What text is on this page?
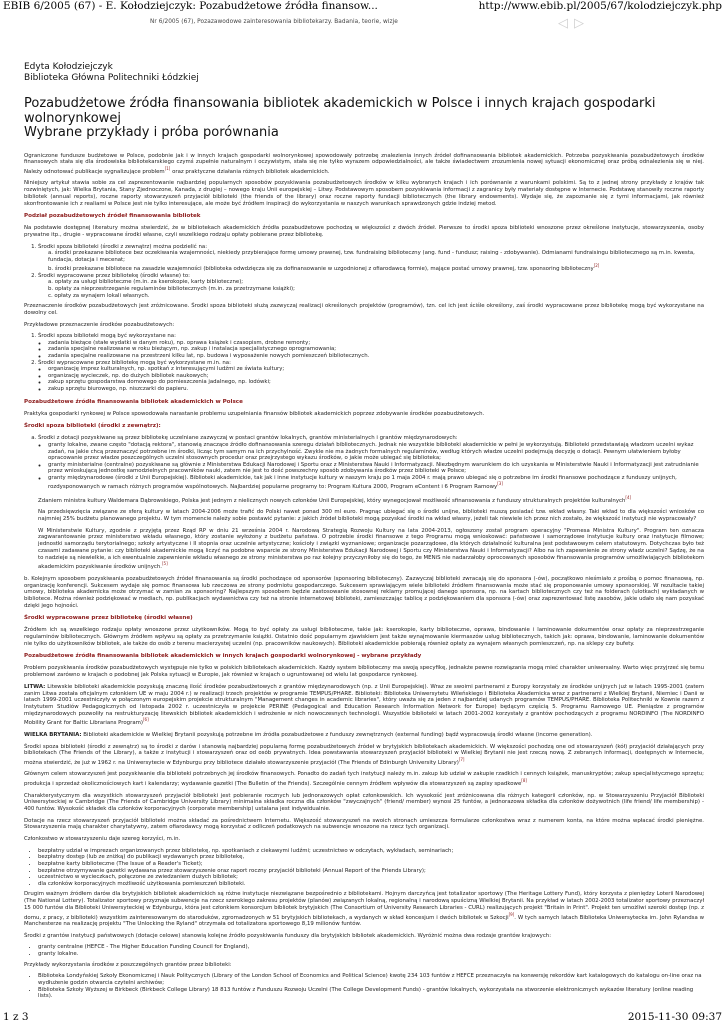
EBIB 6/2005 (67) - E. Kołodziejczyk: Pozabudżetowe źródła finansow...	http://www.ebib.pl/2005/67/kolodziejczyk.php
Nr 6/2005 (67), Pozazawodowe zainteresowania bibliotekarzy. Badania, teorie, wizje	◁ ▷
Edyta Kołodziejczyk
Biblioteka Główna Politechniki Łódzkiej
Pozabudżetowe źródła finansowania bibliotek akademickich w Polsce i innych krajach gospodarki wolnorynkowej
Wybrane przykłady i próba porównania

Ograniczone fundusze budżetowe w Polsce, podobnie jak i w innych krajach gospodarki wolnorynkowej spowodowały potrzebę znalezienia innych źródeł dofinansowania bibliotek akademickich. Potrzeba pozyskiwania pozabudżetowych środków finansowych stała się dla środowiska bibliotekarskiego czymś zupełnie naturalnym i oczywistym, stała się nie tylko wyrazem odpowiedzialności, ale także świadectwem zrozumienia nowej sytuacji ekonomicznej oraz próbą odnalezienia się w niej. Należy odnotować publikacje sygnalizujące problem[1] oraz praktyczne działania różnych bibliotek akademickich.

Niniejszy artykuł stawia sobie za cel zaprezentowanie najbardziej popularnych sposobów pozyskiwania pozabudżetowych środków w kilku wybranych krajach i ich porównanie z warunkami polskimi. Są to z jednej strony przykłady z krajów tak rozwiniętych, jak: Wielka Brytania, Stany Zjednoczone, Kanada, z drugiej – nowego kraju Unii europejskiej – Litwy. Podstawowym sposobem pozyskiwania informacji z zagranicy były materiały dostępne w Internecie. Podstawę stanowiły roczne raporty bibliotek (annual reports), roczne raporty stowarzyszeń przyjaciół biblioteki (the friends of the library) oraz roczne raporty fundacji bibliotecznych (the library endowments). Wydaje się, że zapoznanie się z tymi informacjami, jak również skonfrontowanie ich z realiami w Polsce jest nie tylko interesujące, ale może być źródłem inspiracji do wykorzystania w naszych warunkach sprawdzonych gdzie indziej metod.

Podział pozabudżetowych źródeł finansowania bibliotek

Na podstawie dostępnej literatury można stwierdzić, że w bibliotekach akademickich źródła pozabudżetowe pochodzą w większości z dwóch źródeł. Pierwsze to środki spoza biblioteki wnoszone przez określone instytucje, stowarzyszenia, osoby prywatne itp., drugie - wypracowane środki własne, czyli wszelkiego rodzaju opłaty pobierane przez bibliotekę.

1. Środki spoza biblioteki (środki z zewnątrz) można podzielić na:
a. środki przekazane bibliotece bez oczekiwania wzajemności, niekiedy przybierające formę umowy prawnej, tzw. fundraising biblioteczny (ang. fund - fundusz; raising - zdobywanie). Odmianami fundraisingu bibliotecznego są m.in. kwesta, fundacja, dotacja i mecenat;
b. środki przekazane bibliotece na zasadzie wzajemności (biblioteka odwdzięcza się za dofinansowanie w uzgodnionej z ofiarodawcą formie), mające postać umowy prawnej, tzw. sponsoring biblioteczny[2]
2. Środki wypracowane przez bibliotekę (środki własne) to:
a. opłaty za usługi biblioteczne (m.in. za kserokopie, karty biblioteczne);
b. opłaty za nieprzestrzeganie regulaminów bibliotecznych (m.in. za przetrzymane książki);
c. opłaty za wynajem lokali własnych.

Przeznaczenie środków pozabudżetowych jest zróżnicowane. Środki spoza biblioteki służą zazwyczaj realizacji określonych projektów (programów), tzn. cel ich jest ściśle określony, zaś środki wypracowane przez bibliotekę mogą być wykorzystane na dowolny cel.

Przykładowe przeznaczenie środków pozabudżetowych:

1. Środki spoza biblioteki mogą być wykorzystane na:
◦ zadania bieżące (stałe wydatki w danym roku), np. oprawa książek i czasopism, drobne remonty;
◦ zadania specjalne realizowane w roku bieżącym, np. zakup i instalacja specjalistycznego oprogramowania;
◦ zadania specjalne realizowane na przestrzeni kilku lat, np. budowa i wyposażenie nowych pomieszczeń bibliotecznych.
2. Środki wypracowane przez bibliotekę mogą być wykorzystane m.in. na:
◦ organizację imprez kulturalnych, np. spotkań z interesującymi ludźmi ze świata kultury;
◦ organizację wycieczek, np. do dużych bibliotek naukowych;
◦ zakup sprzętu gospodarstwa domowego do pomieszczenia jadalnego, np. lodówki;
◦ zakup sprzętu biurowego, np. niszczarki do papieru.
Pozabudżetowe źródła finansowania bibliotek akademickich w Polsce

Praktyka gospodarki rynkowej w Polsce spowodowała narastanie problemu uzupełniania finansów bibliotek akademickich poprzez zdobywanie środków pozabudżetowych.

Środki spoza biblioteki (środki z zewnątrz):
a. Środki z dotacji pozyskiwane są przez bibliotekę uczelniane zazwyczaj w postaci grantów lokalnych, grantów ministerialnych i grantów międzynarodowych:
◦ granty lokalne, zwane często "dotacją rektora", stanowią znaczące źródło dofinansowania szeregu działań bibliotecznych. Jednak nie wszystkie biblioteki akademickie w pełni je wykorzystują. Biblioteki przedstawiają władzom uczelni wykaz zadań, na jakie chcą przeznaczyć potrzebne im środki, licząc tym samym na ich przychylność. Zwykle nie ma żadnych formalnych regulaminów, według których władze uczelni podejmują decyzję o dotacji. Pewnym ułatwieniem byłoby opracowanie przez władze poszczególnych uczelni stosownych procedur oraz przejrzystego wykazu środków, o jakie może ubiegać się biblioteka;
◦ granty ministerialne (centralne) pozyskiwane są głównie z Ministerstwa Edukacji Narodowej i Sportu oraz z Ministerstwa Nauki i Informatyzacji. Niezbędnym warunkiem do ich uzyskania w Ministerstwie Nauki i Informatyzacji jest zatrudnianie przez wnioskującą jednostkę samodzielnych pracowników nauki, zatem nie jest to dość powszechny sposób zdobywania środków przez biblioteki w Polsce;
◦ granty międzynarodowe (środki z Unii Europejskiej). Biblioteki akademickie, tak jak i inne instytucje kultury w naszym kraju po 1 maja 2004 r. mają prawo ubiegać się o potrzebne im środki finansowe pochodzące z funduszy unijnych, rozdysponowanych w ramach różnych programów wspólnotowych. Najbardziej popularne programy to: Program Kultura 2000, Program eContent i 6 Program Ramowy[3]

Zdaniem ministra kultury Waldemara Dąbrowskiego, Polska jest jednym z nielicznych nowych członków Unii Europejskiej, który wynegocjował możliwość sfinansowania z funduszy strukturalnych projektów kulturalnych[4]

Na przedsięwzięcia związane ze sferą kultury w latach 2004-2006 może trafić do Polski nawet ponad 300 ml euro. Pragnąc ubiegać się o środki unijne, biblioteki muszą posiadać tzw. wkład własny. Taki wkład to dla większości wniosków co najmniej 25% budżetu planowanego projektu. W tym momencie należy sobie postawić pytanie: z jakich źródeł biblioteki mogą pozyskać środki na wkład własny, jeżeli tak niewiele ich przez nich zostało, że większość instytucji nie wypracowały?

W Ministerstwie Kultury, zgodnie z przyjętą przez Rząd RP w dniu 21 września 2004 r. Narodową Strategią Rozwoju Kultury na lata 2004-2013, ogłoszony został program operacyjny "Promesa Ministra Kultury". Program ten oznacza zagwarantowanie przez ministerstwo wkładu własnego, który zostanie wyłożony z budżetu państwa. O potrzebie środki finansowe z tego Programu mogą wnioskować: państwowe i samorządowe instytucje kultury oraz instytucje filmowe; jednostki samorządu terytorialnego; szkoły artystyczne i II stopnia oraz uczelnie artystyczne; kościoły i związki wyznaniowe; organizacje pozarządowe, dla których działalność kulturalna jest podstawowym celem statutowym. Dotychczas było też czasami zadawane pytanie: czy biblioteki akademickie mogą liczyć na podobne wsparcie ze strony Ministerstwa Edukacji Narodowej i Sportu czy Ministerstwa Nauki i Informatyzacji? Albo na ich zapewnienie ze strony władz uczelni? Sądzę, że na to nadzieje są niewielkie, a ich ewentualnie zapewnienie wkładu własnego ze strony ministerstwa po raz kolejny przyczyniłoby się do tego, że MENiS nie nadarzałoby oprocowanych sposobów finansowania programów umożliwiających bibliotekom akademickim pozyskiwanie środków unijnych.[5]

b. Kolejnym sposobem pozyskiwania pozabudżetowych źródeł finansowania są środki pochodzące od sponsorów (sponsoring biblioteczny). Zazwyczaj biblioteki zwracają się do sponsora (-ów), początkowo nieśmiało z prośbą o pomoc finansową, np. organizację konferencji. Sukcesem wydaje się pomoc finansowa lub rzeczowa ze strony podmiotu gospodarczego. Sukcesem sprawiającym wiele biblioteki źródłem finansowania może stać się proponowanie umowy sponsorskiej. W rezultacie takiej umowy, biblioteka akademicka może otrzymać w zamian za sponsoring? Najlepszym sposobem będzie zastosowanie stosownej reklamy promującej danego sponsora, np. na kartach bibliotecznych czy też na folderach (ulotkach) wykładanych w bibliotece. Można również podziękować w mediach, np. publikacjach wydawnictwa czy też na stronie internetowej biblioteki, zamieszczając tablicę z podziękowaniem dla sponsora (-ów) oraz zaprezentować listę zasobów, jakie udało się nam pozyskać dzięki jego hojności.

Środki wypracowane przez bibliotekę (środki własne)

Źródłem ich są wszelkiego rodzaju opłaty wnoszone przez użytkowników. Mogą to być opłaty za usługi biblioteczne, takie jak: kserokopie, karty biblioteczne, oprawa, bindowanie i laminowanie dokumentów oraz opłaty za nieprzestrzeganie regulaminów bibliotecznych. Głównym źródłem wpływu są opłaty za przetrzymanie książki. Ostatnio dość popularnym zjawiskiem jest także wynajmowanie kiermaszów usług bibliotecznych, takich jak: oprawa, bindowanie, laminowanie dokumentów nie tylko do użytkowników bibliotek, ale także do osób z terenu macierzystej uczelni (np. pracowników naukowych). Biblioteki akademickie pobierają również opłaty za wynajem własnych pomieszczeń, np. na sklepy czy bufety.

Pozabudżetowe źródła finansowania bibliotek akademickich w innych krajach gospodarki wolnorynkowej - wybrane przykłady

Problem pozyskiwania środków pozabudżetowych występuje nie tylko w polskich bibliotekach akademickich. Każdy system biblioteczny ma swoją specyfikę, jednakże pewne rozwiązania mogą mieć charakter uniwersalny. Warto więc przyjrzeć się temu problemowi zarówno w krajach o podobnej jak Polska sytuacji w Europie, jak również w krajach o ugruntowanej od wielu lat gospodarce rynkowej.

LITWA: Litewskie biblioteki akademickie pozyskują znaczną ilość środków pozabudżetowych z grantów międzynarodowych (np. z Unii Europejskiej). Wraz ze swoimi partnerami z Europy korzystały ze środków unijnych już w latach 1995-2001 (zatem zanim Litwa została oficjalnym członkiem UE w maju 2004 r.) w realizacji trzech projektów w programie TEMPUS/PHARE. Biblioteki: Biblioteka Uniwersytetu Wileńskiego i Biblioteka Akademicka wraz z partnerami z Wielkiej Brytanii, Niemiec i Danii w latach 1999-2001 uczestniczyły w połączonym europejskim projekcie strukturalnym "Management changes in academic libraries", który uważa się za jeden z najbardziej udanych programów TEMPUS/PHARE. Biblioteka Politechniki w Kownie razem z Instytutem Studiów Pedagogicznych od listopada 2002 r. uczestniczyła w projekcie PERINE (Pedagogical and Education Research Information Network for Europe) będącym częścią 5. Programu Ramowego UE. Pieniądze z programów międzynarodowych pozwoliły na restrukturyzację litewskich bibliotek akademickich i wdrożenie w nich nowoczesnych technologii. Wszystkie biblioteki w latach 2001-2002 korzystały z grantów pochodzących z programu NORDINFO (The NORDINFO Mobility Grant for Baltic Librarians Program)[6]

WIELKA BRYTANIA: Biblioteki akademickie w Wielkiej Brytanii pozyskują potrzebne im źródła pozabudżetowe z funduszy zewnętrznych (external funding) bądź wypracowują środki własne (income generation).

Środki spoza biblioteki (środki z zewnątrz) są to środki z darów i stanowią najbardziej popularną formę pozabudżetowych źródeł w brytyjskich bibliotekach akademickich. W większości pochodzą one od stowarzyszeń (kół) przyjaciół działających przy bibliotekach (The Friends of the Library), a także z instytucji i stowarzyszeń oraz od osób prywatnych. Idea powstawania stowarzyszeń przyjaciół biblioteki w Wielkiej Brytanii nie jest rzeczą nową. Z zebranych informacji, dostępnych w Internecie, można stwierdzić, że już w 1962 r. na Uniwersytecie w Edynburgu przy bibliotece działało stowarzyszenie przyjaciół (The Friends of Edinburgh University Library)[7]

Głównym celem stowarzyszeń jest pozyskiwanie dla biblioteki potrzebnych jej środków finansowych. Ponadto do zadań tych instytucji należy m.in. zakup lub udział w zakupie rzadkich i cennych książek, manuskryptów; zakup specjalistycznego sprzętu; produkcja i sprzedaż okolicznościowych kart i kalendarzy; wydawanie gazetki (The Bulletin of the Friends). Szczególnie cennym źródłem wpływów dla stowarzyszeń są zapisy spadkowe[8]

Charakterystycznym dla wszystkich stowarzyszeń przyjaciół biblioteki jest pobieranie rocznych lub jednorazowych opłat członkowskich. Ich wysokość jest zróżnicowana dla różnych kategorii członków, np. w Stowarzyszeniu Przyjaciół Biblioteki Uniwersyteckiej w Cambridge (The Friends of Cambridge University Library) minimalna składka roczna dla członków "zwyczajnych" (friend/ member) wynosi 25 funtów, a jednorazowa składka dla członków dożywotnich (life friend/ life membership) - 400 funtów. Wysokość składek dla członków korporacyjnych (corporate membership) ustalana jest indywidualnie.

Dotacje na rzecz stowarzyszeń przyjaciół biblioteki można składać za pośrednictwem Internetu. Większość stowarzyszeń na swoich stronach umieszcza formularze członkostwa wraz z numerem konta, na które można wpłacać środki pieniężne. Stowarzyszenia mają charakter charytatywny, zatem ofiarodawcy mogą korzystać z odliczeń podatkowych na subwencje wnoszone na rzecz tych organizacji.

Członkostwo w stowarzyszeniu daje szereg korzyści, m.in.

• bezpłatny udział w imprezach organizowanych przez bibliotekę, np. spotkaniach z ciekawymi ludźmi; uczestnictwo w odczytach, wykładach, seminariach;
• bezpłatny dostęp (lub ze zniżką) do publikacji wydawanych przez bibliotekę,
• bezpłatne karty biblioteczne (The Issue of a Reader's Ticket);
• bezpłatne otrzymywanie gazetki wydawana przez stowarzyszenie oraz raport roczny przyjaciół biblioteki (Annual Report of the Friends Library);
• uczestnictwo w wycieczkach, połączone ze zwiedzaniem dużych bibliotek;
• dla członków korporacyjnych możliwość użytkowania pomieszczeń biblioteki.

Drugim ważnym źródłem darów dla brytyjskich bibliotek akademickich są różne instytucje niezwiązane bezpośrednio z bibliotekami. Hojnym darczyńcą jest totalizator sportowy (The Heritage Lottery Fund), który korzysta z pieniędzy Loterii Narodowej (The National Lottery). Totalizator sportowy przyznaje subwencje na rzecz szerokiego zakresu projektów (planów) związanych lokalną, regionalną i narodową spuścizną Wielkiej Brytanii. Na przykład w latach 2002-2003 totalizator sportowy przeznaczył 15 000 funtów dla Biblioteki Uniwersyteckiej w Edynburgu, która jest członkiem konsorcjum bibliotek brytyjskich (The Consortium of University Research Libraries - CURL) realizujących projekt "Britain in Print". Projekt ten umożliwi szeroki dostęp (np. z domu, z pracy, z biblioteki) wszystkim zainteresowanym do staroduków, zgromadzonych w 51 brytyjskich bibliotekach, a wydanych w skład koncesjum i dwóch bibliotek w Szkocji[9]. W tych samych latach Biblioteka Uniwersytecka im. John Rylandsa w Manchesterze na realizację projektu "The Unlocking the Ryland" otrzymała od totalizatora sportowego 8,19 milionów funtów.

Środki z grantów instytucji państwowych (dotacje celowe) stanowią kolejne źródło pozyskiwania funduszy dla brytyjskich bibliotek akademickich. Wyróżnić można dwa rodzaje grantów krajowych:

• granty centralne (HEFCE - The Higher Education Funding Council for England),
• granty lokalne.

Przykłady wykorzystania środków z poszczególnych grantów przez biblioteki:

• Biblioteka Londyńskiej Szkoły Ekonomicznej i Nauk Politycznych (Library of the London School of Economics and Political Science) kwotę 234 103 funtów z HEFCE przeznaczyła na konwersję rekordów kart katalogowych do katalogu on-line oraz na wydłużenie godzin otwarcia czytelni archiwów;
• Biblioteka Szkoły Wyższej w Birkbeck (Birkbeck College Library) 18 813 funtów z Funduszu Rozwoju Uczelni (The College Development Funds) - grantów lokalnych, wykorzystała na stworzenie elektronicznych wykazów literatury (online reading lists).
1 z 3	2015-11-30 09:37
